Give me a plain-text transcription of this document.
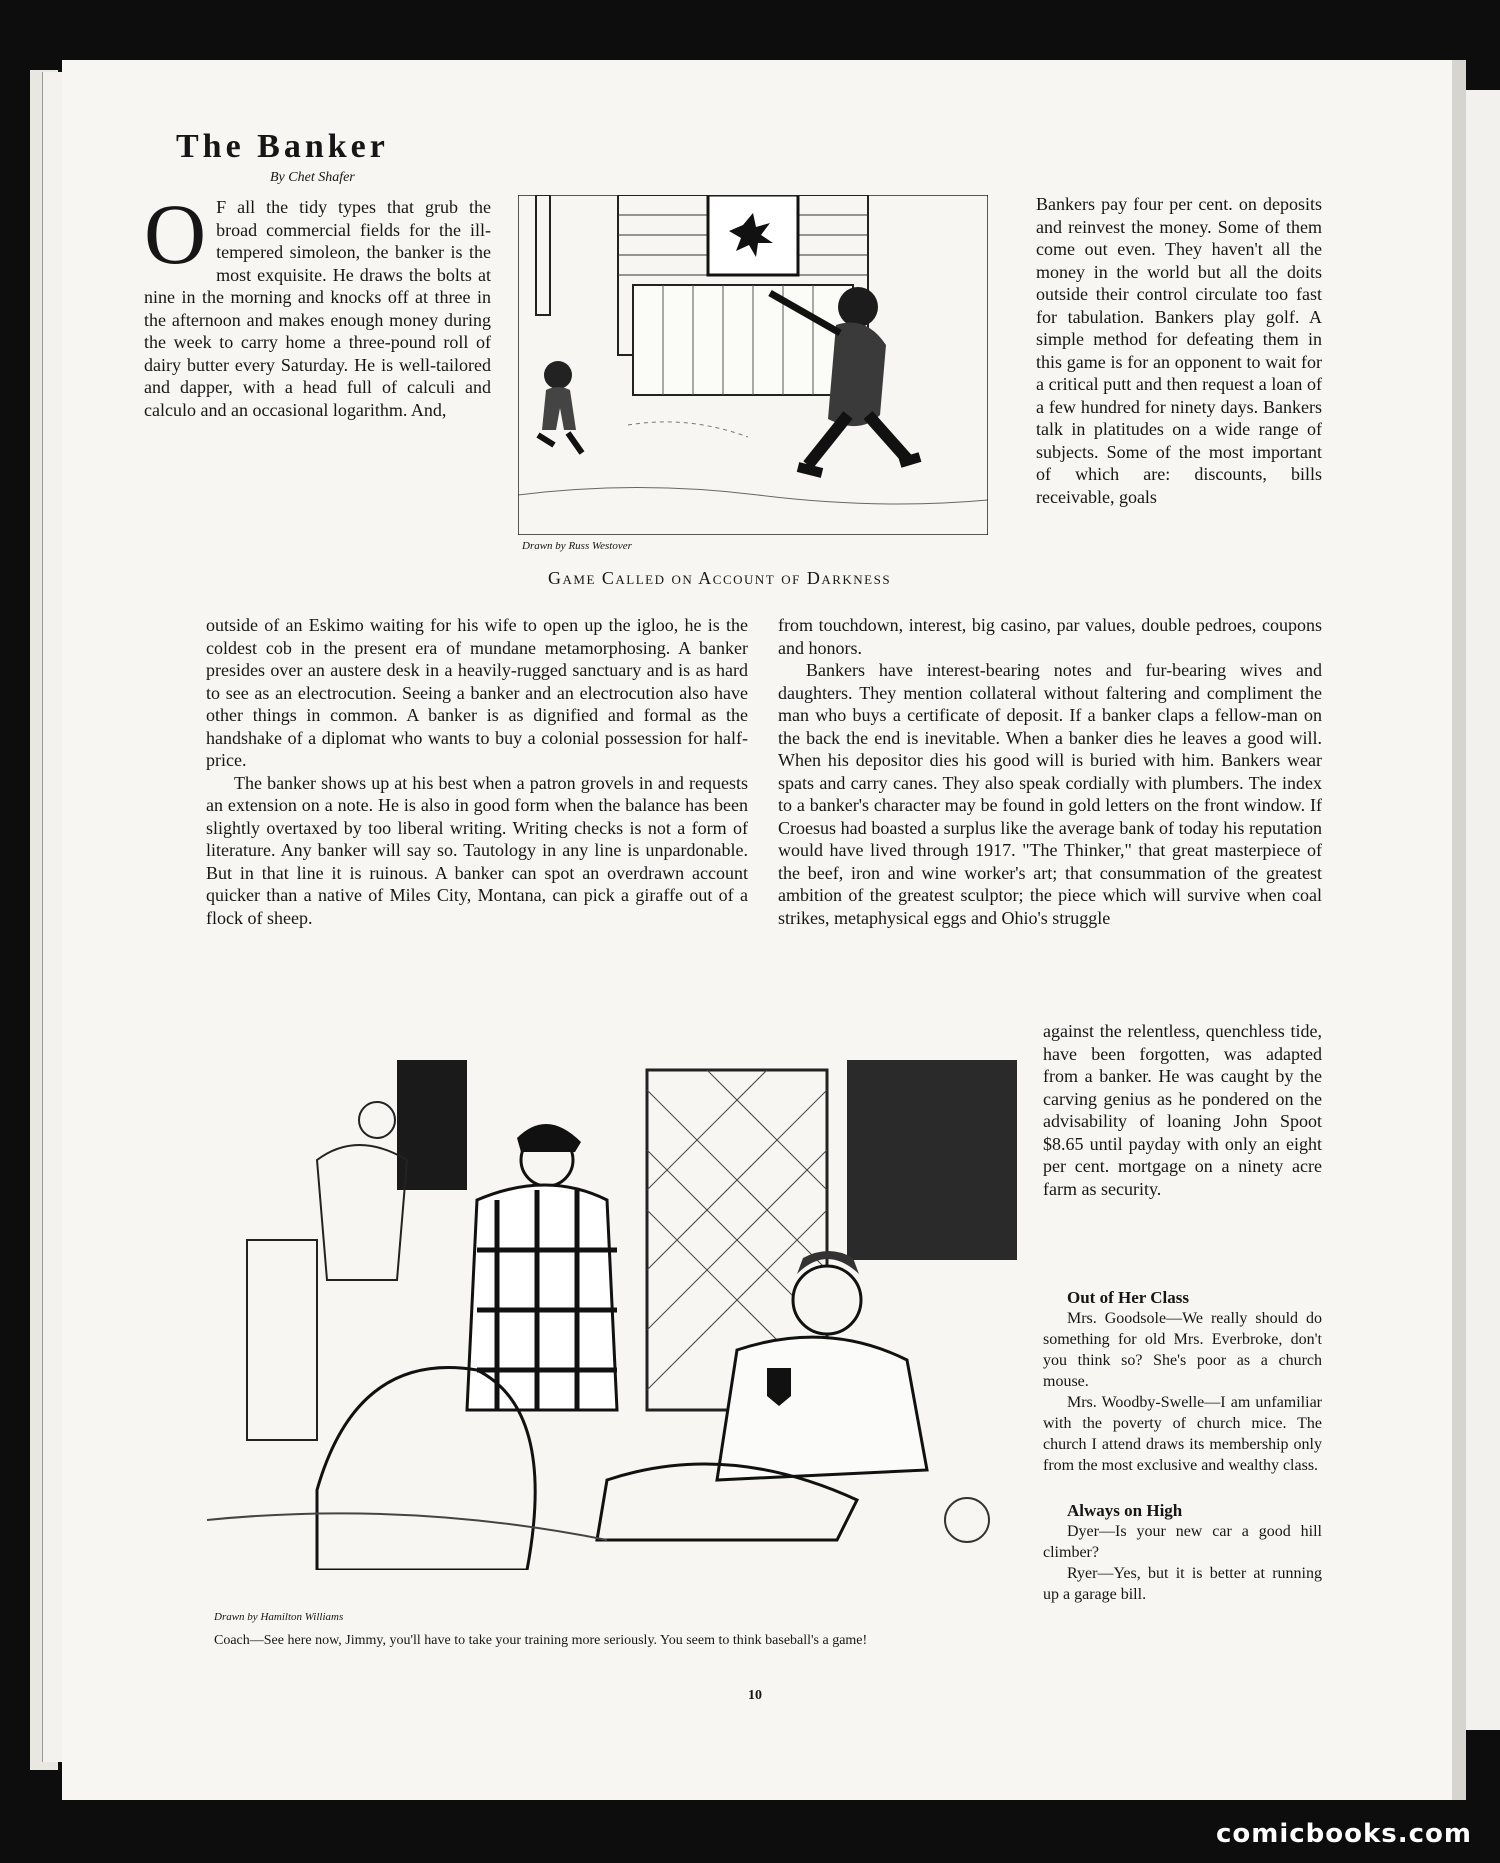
The Banker
By Chet Shafer

O F all the tidy types that grub the broad commercial fields for the ill-tempered simoleon, the banker is the most exquisite. He draws the bolts at nine in the morning and knocks off at three in the afternoon and makes enough money during the week to carry home a three-pound roll of dairy butter every Saturday. He is well-tailored and dapper, with a head full of calculi and calculo and an occasional logarithm. And,

outside of an Eskimo waiting for his wife to open up the igloo, he is the coldest cob in the present era of mundane metamorphosing. A banker presides over an austere desk in a heavily-rugged sanctuary and is as hard to see as an electrocution. Seeing a banker and an electrocution also have other things in common. A banker is as dignified and formal as the handshake of a diplomat who wants to buy a colonial possession for half-price.

The banker shows up at his best when a patron grovels in and requests an extension on a note. He is also in good form when the balance has been slightly overtaxed by too liberal writing. Writing checks is not a form of literature. Any banker will say so. Tautology in any line is unpardonable. But in that line it is ruinous. A banker can spot an overdrawn account quicker than a native of Miles City, Montana, can pick a giraffe out of a flock of sheep.

Drawn by Russ Westover
Game Called on Account of Darkness

Bankers pay four per cent. on deposits and reinvest the money. Some of them come out even. They haven't all the money in the world but all the doits outside their control circulate too fast for tabulation. Bankers play golf. A simple method for defeating them in this game is for an opponent to wait for a critical putt and then request a loan of a few hundred for ninety days. Bankers talk in platitudes on a wide range of subjects. Some of the most important of which are: discounts, bills receivable, goals

from touchdown, interest, big casino, par values, double pedroes, coupons and honors.

Bankers have interest-bearing notes and fur-bearing wives and daughters. They mention collateral without faltering and compliment the man who buys a certificate of deposit. If a banker claps a fellow-man on the back the end is inevitable. When a banker dies he leaves a good will. When his depositor dies his good will is buried with him. Bankers wear spats and carry canes. They also speak cordially with plumbers. The index to a banker's character may be found in gold letters on the front window. If Croesus had boasted a surplus like the average bank of today his reputation would have lived through 1917. "The Thinker," that great masterpiece of the beef, iron and wine worker's art; that consummation of the greatest ambition of the greatest sculptor; the piece which will survive when coal strikes, metaphysical eggs and Ohio's struggle

against the relentless, quenchless tide, have been forgotten, was adapted from a banker. He was caught by the carving genius as he pondered on the advisability of loaning John Spoot $8.65 until payday with only an eight per cent. mortgage on a ninety acre farm as security.

Drawn by Hamilton Williams
Coach—See here now, Jimmy, you'll have to take your training more seriously. You seem to think baseball's a game!

Out of Her Class

Mrs. Goodsole—We really should do something for old Mrs. Everbroke, don't you think so? She's poor as a church mouse.

Mrs. Woodby-Swelle—I am unfamiliar with the poverty of church mice. The church I attend draws its membership only from the most exclusive and wealthy class.

Always on High

Dyer—Is your new car a good hill climber?

Ryer—Yes, but it is better at running up a garage bill.

10
comicbooks.com
